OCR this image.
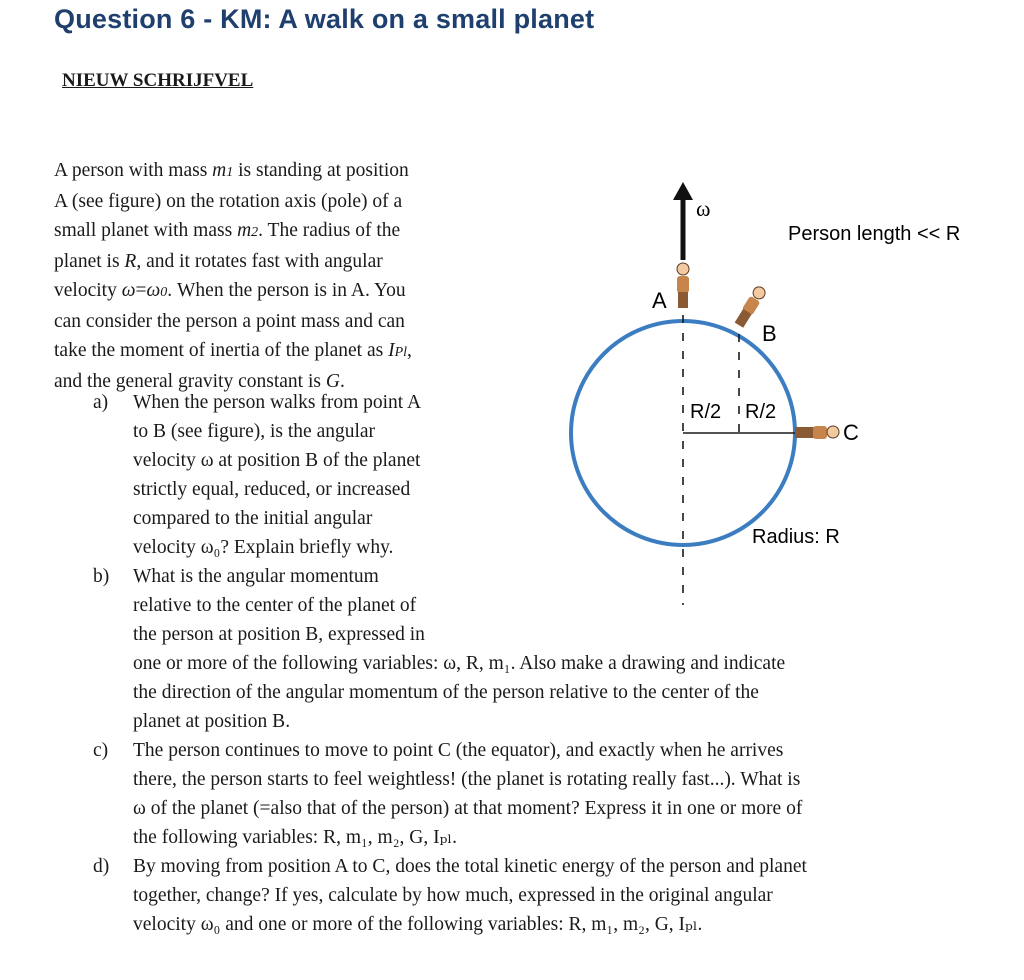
Question 6 - KM: A walk on a small planet
NIEUW SCHRIJFVEL
A person with mass m1 is standing at position
A (see figure) on the rotation axis (pole) of a
small planet with mass m2. The radius of the
planet is R, and it rotates fast with angular
velocity ω=ω0. When the person is in A. You
can consider the person a point mass and can
take the moment of inertia of the planet as IPl,
and the general gravity constant is G.
a) When the person walks from point A
to B (see figure), is the angular
velocity ω at position B of the planet
strictly equal, reduced, or increased
compared to the initial angular
velocity ω₀? Explain briefly why.
b) What is the angular momentum
relative to the center of the planet of
the person at position B, expressed in
one or more of the following variables: ω, R, m₁. Also make a drawing and indicate
the direction of the angular momentum of the person relative to the center of the
planet at position B.
c) The person continues to move to point C (the equator), and exactly when he arrives
there, the person starts to feel weightless! (the planet is rotating really fast...). What is
ω of the planet (=also that of the person) at that moment? Express it in one or more of
the following variables: R, m₁, m₂, G, Iₚₗ.
d) By moving from position A to C, does the total kinetic energy of the person and planet
together, change? If yes, calculate by how much, expressed in the original angular
velocity ω₀ and one or more of the following variables: R, m₁, m₂, G, Iₚₗ.
ω
Person length << R
A
B
C
R/2 R/2
Radius: R
